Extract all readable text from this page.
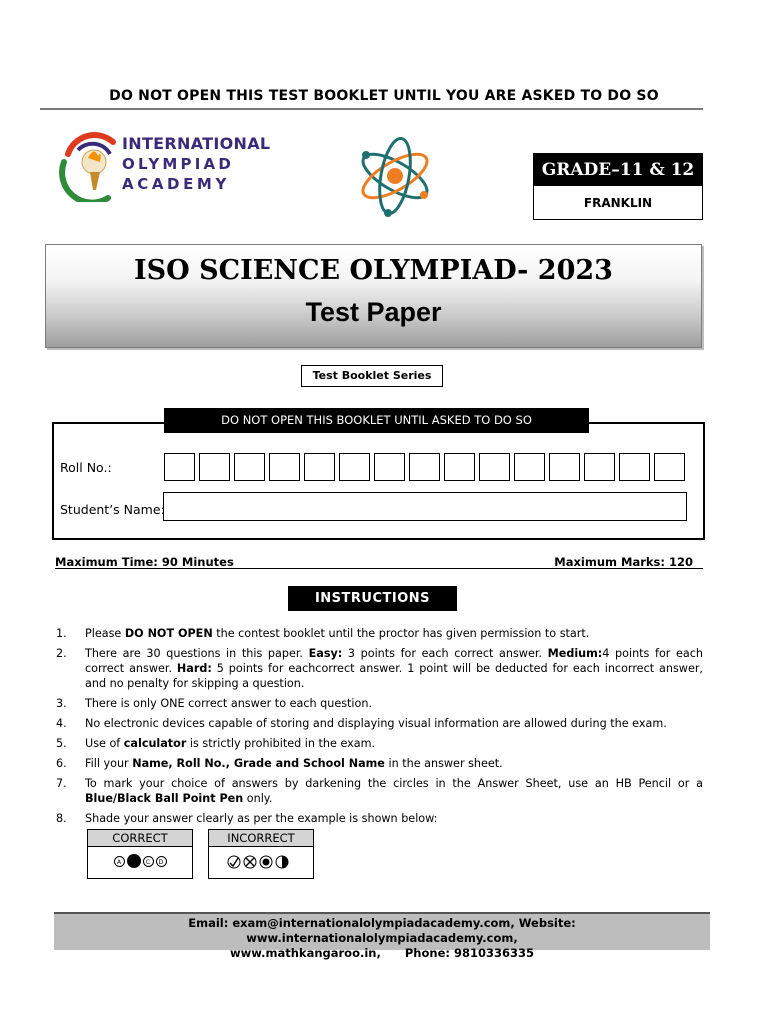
DO NOT OPEN THIS TEST BOOKLET UNTIL YOU ARE ASKED TO DO SO
INTERNATIONAL
OLYMPIAD
ACADEMY
GRADE–11 & 12
FRANKLIN
ISO SCIENCE OLYMPIAD- 2023
Test Paper
Test Booklet Series
DO NOT OPEN THIS BOOKLET UNTIL ASKED TO DO SO
Roll No.:
Student’s Name:
Maximum Time: 90 Minutes	Maximum Marks: 120
INSTRUCTIONS
1. Please DO NOT OPEN the contest booklet until the proctor has given permission to start.
2. There are 30 questions in this paper. Easy: 3 points for each correct answer. Medium:4 points for each correct answer. Hard: 5 points for eachcorrect answer. 1 point will be deducted for each incorrect answer, and no penalty for skipping a question.
3. There is only ONE correct answer to each question.
4. No electronic devices capable of storing and displaying visual information are allowed during the exam.
5. Use of calculator is strictly prohibited in the exam.
6. Fill your Name, Roll No., Grade and School Name in the answer sheet.
7. To mark your choice of answers by darkening the circles in the Answer Sheet, use an HB Pencil or a Blue/Black Ball Point Pen only.
8. Shade your answer clearly as per the example is shown below:
CORRECT
A	C D
INCORRECT
Email: exam@internationalolympiadacademy.com, Website: www.internationalolympiadacademy.com,
www.mathkangaroo.in,      Phone: 9810336335
